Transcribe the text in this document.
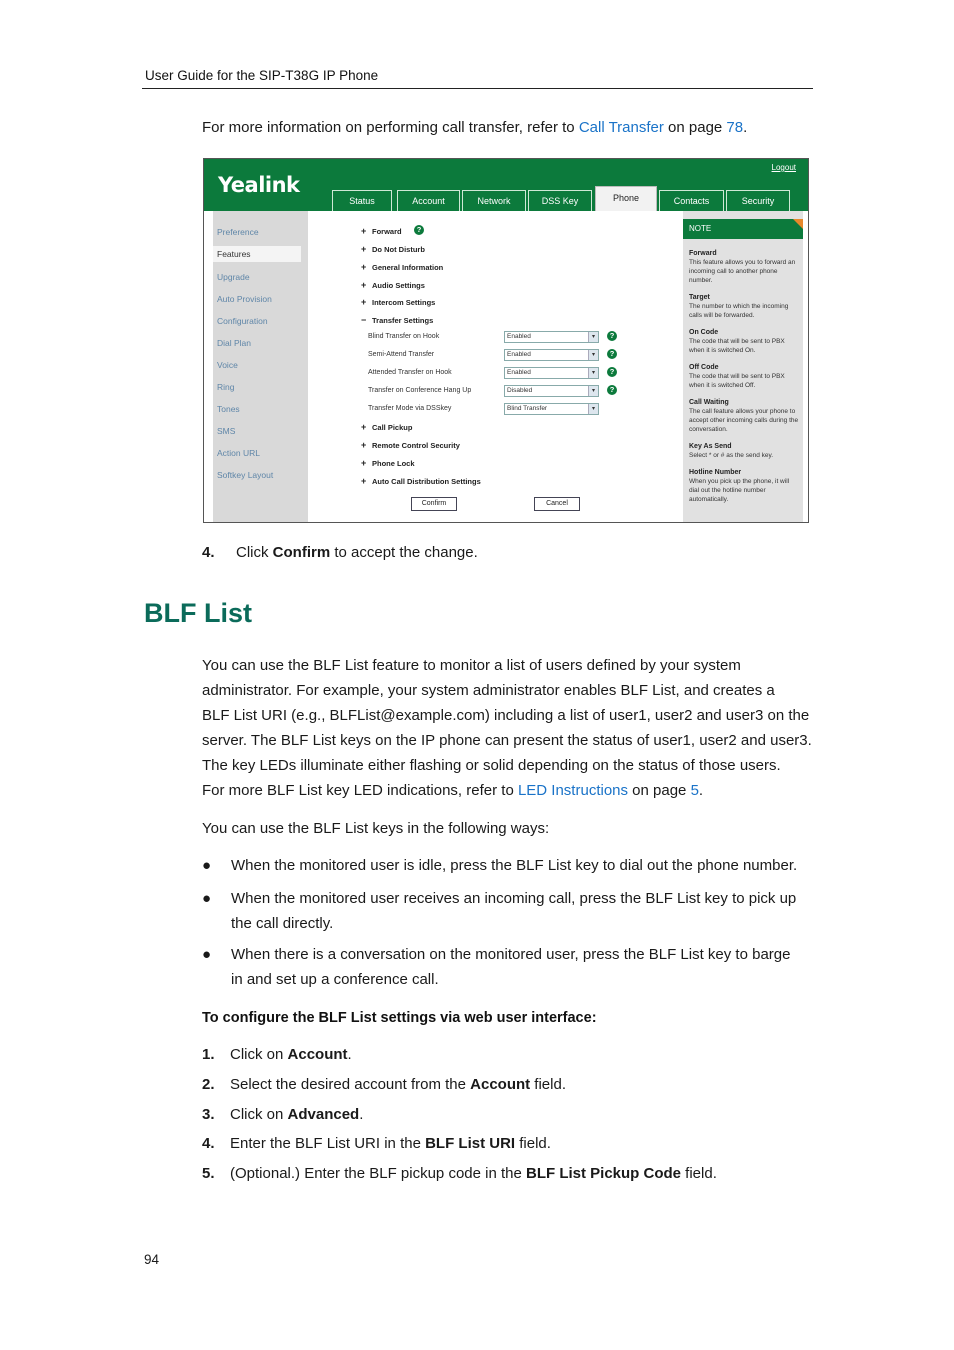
User Guide for the SIP-T38G IP Phone
For more information on performing call transfer, refer to Call Transfer on page 78.
Yealink
Logout
Status	Account	Network	DSS Key	Phone	Contacts	Security
Preference
Features
Upgrade
Auto Provision
Configuration
Dial Plan
Voice
Ring
Tones
SMS
Action URL
Softkey Layout
+ Forward	?
+ Do Not Disturb
+ General Information
+ Audio Settings
+ Intercom Settings
− Transfer Settings
Blind Transfer on Hook	Enabled	▾	?
Semi-Attend Transfer	Enabled	▾	?
Attended Transfer on Hook	Enabled	▾	?
Transfer on Conference Hang Up	Disabled	▾	?
Transfer Mode via DSSkey	Blind Transfer	▾
+ Call Pickup
+ Remote Control Security
+ Phone Lock
+ Auto Call Distribution Settings
Confirm	Cancel
NOTE
Forward
This feature allows you to forward an incoming call to another phone number.
Target
The number to which the incoming calls will be forwarded.
On Code
The code that will be sent to PBX when it is switched On.
Off Code
The code that will be sent to PBX when it is switched Off.
Call Waiting
The call feature allows your phone to accept other incoming calls during the conversation.
Key As Send
Select * or # as the send key.
Hotline Number
When you pick up the phone, it will dial out the hotline number automatically.
4. Click Confirm to accept the change.
BLF List
You can use the BLF List feature to monitor a list of users defined by your system
administrator. For example, your system administrator enables BLF List, and creates a
BLF List URI (e.g., BLFList@example.com) including a list of user1, user2 and user3 on the
server. The BLF List keys on the IP phone can present the status of user1, user2 and user3.
The key LEDs illuminate either flashing or solid depending on the status of those users.
For more BLF List key LED indications, refer to LED Instructions on page 5.
You can use the BLF List keys in the following ways:
● When the monitored user is idle, press the BLF List key to dial out the phone number.
● When the monitored user receives an incoming call, press the BLF List key to pick up
the call directly.
● When there is a conversation on the monitored user, press the BLF List key to barge
in and set up a conference call.
To configure the BLF List settings via web user interface:
1. Click on Account.
2. Select the desired account from the Account field.
3. Click on Advanced.
4. Enter the BLF List URI in the BLF List URI field.
5. (Optional.) Enter the BLF pickup code in the BLF List Pickup Code field.
94
